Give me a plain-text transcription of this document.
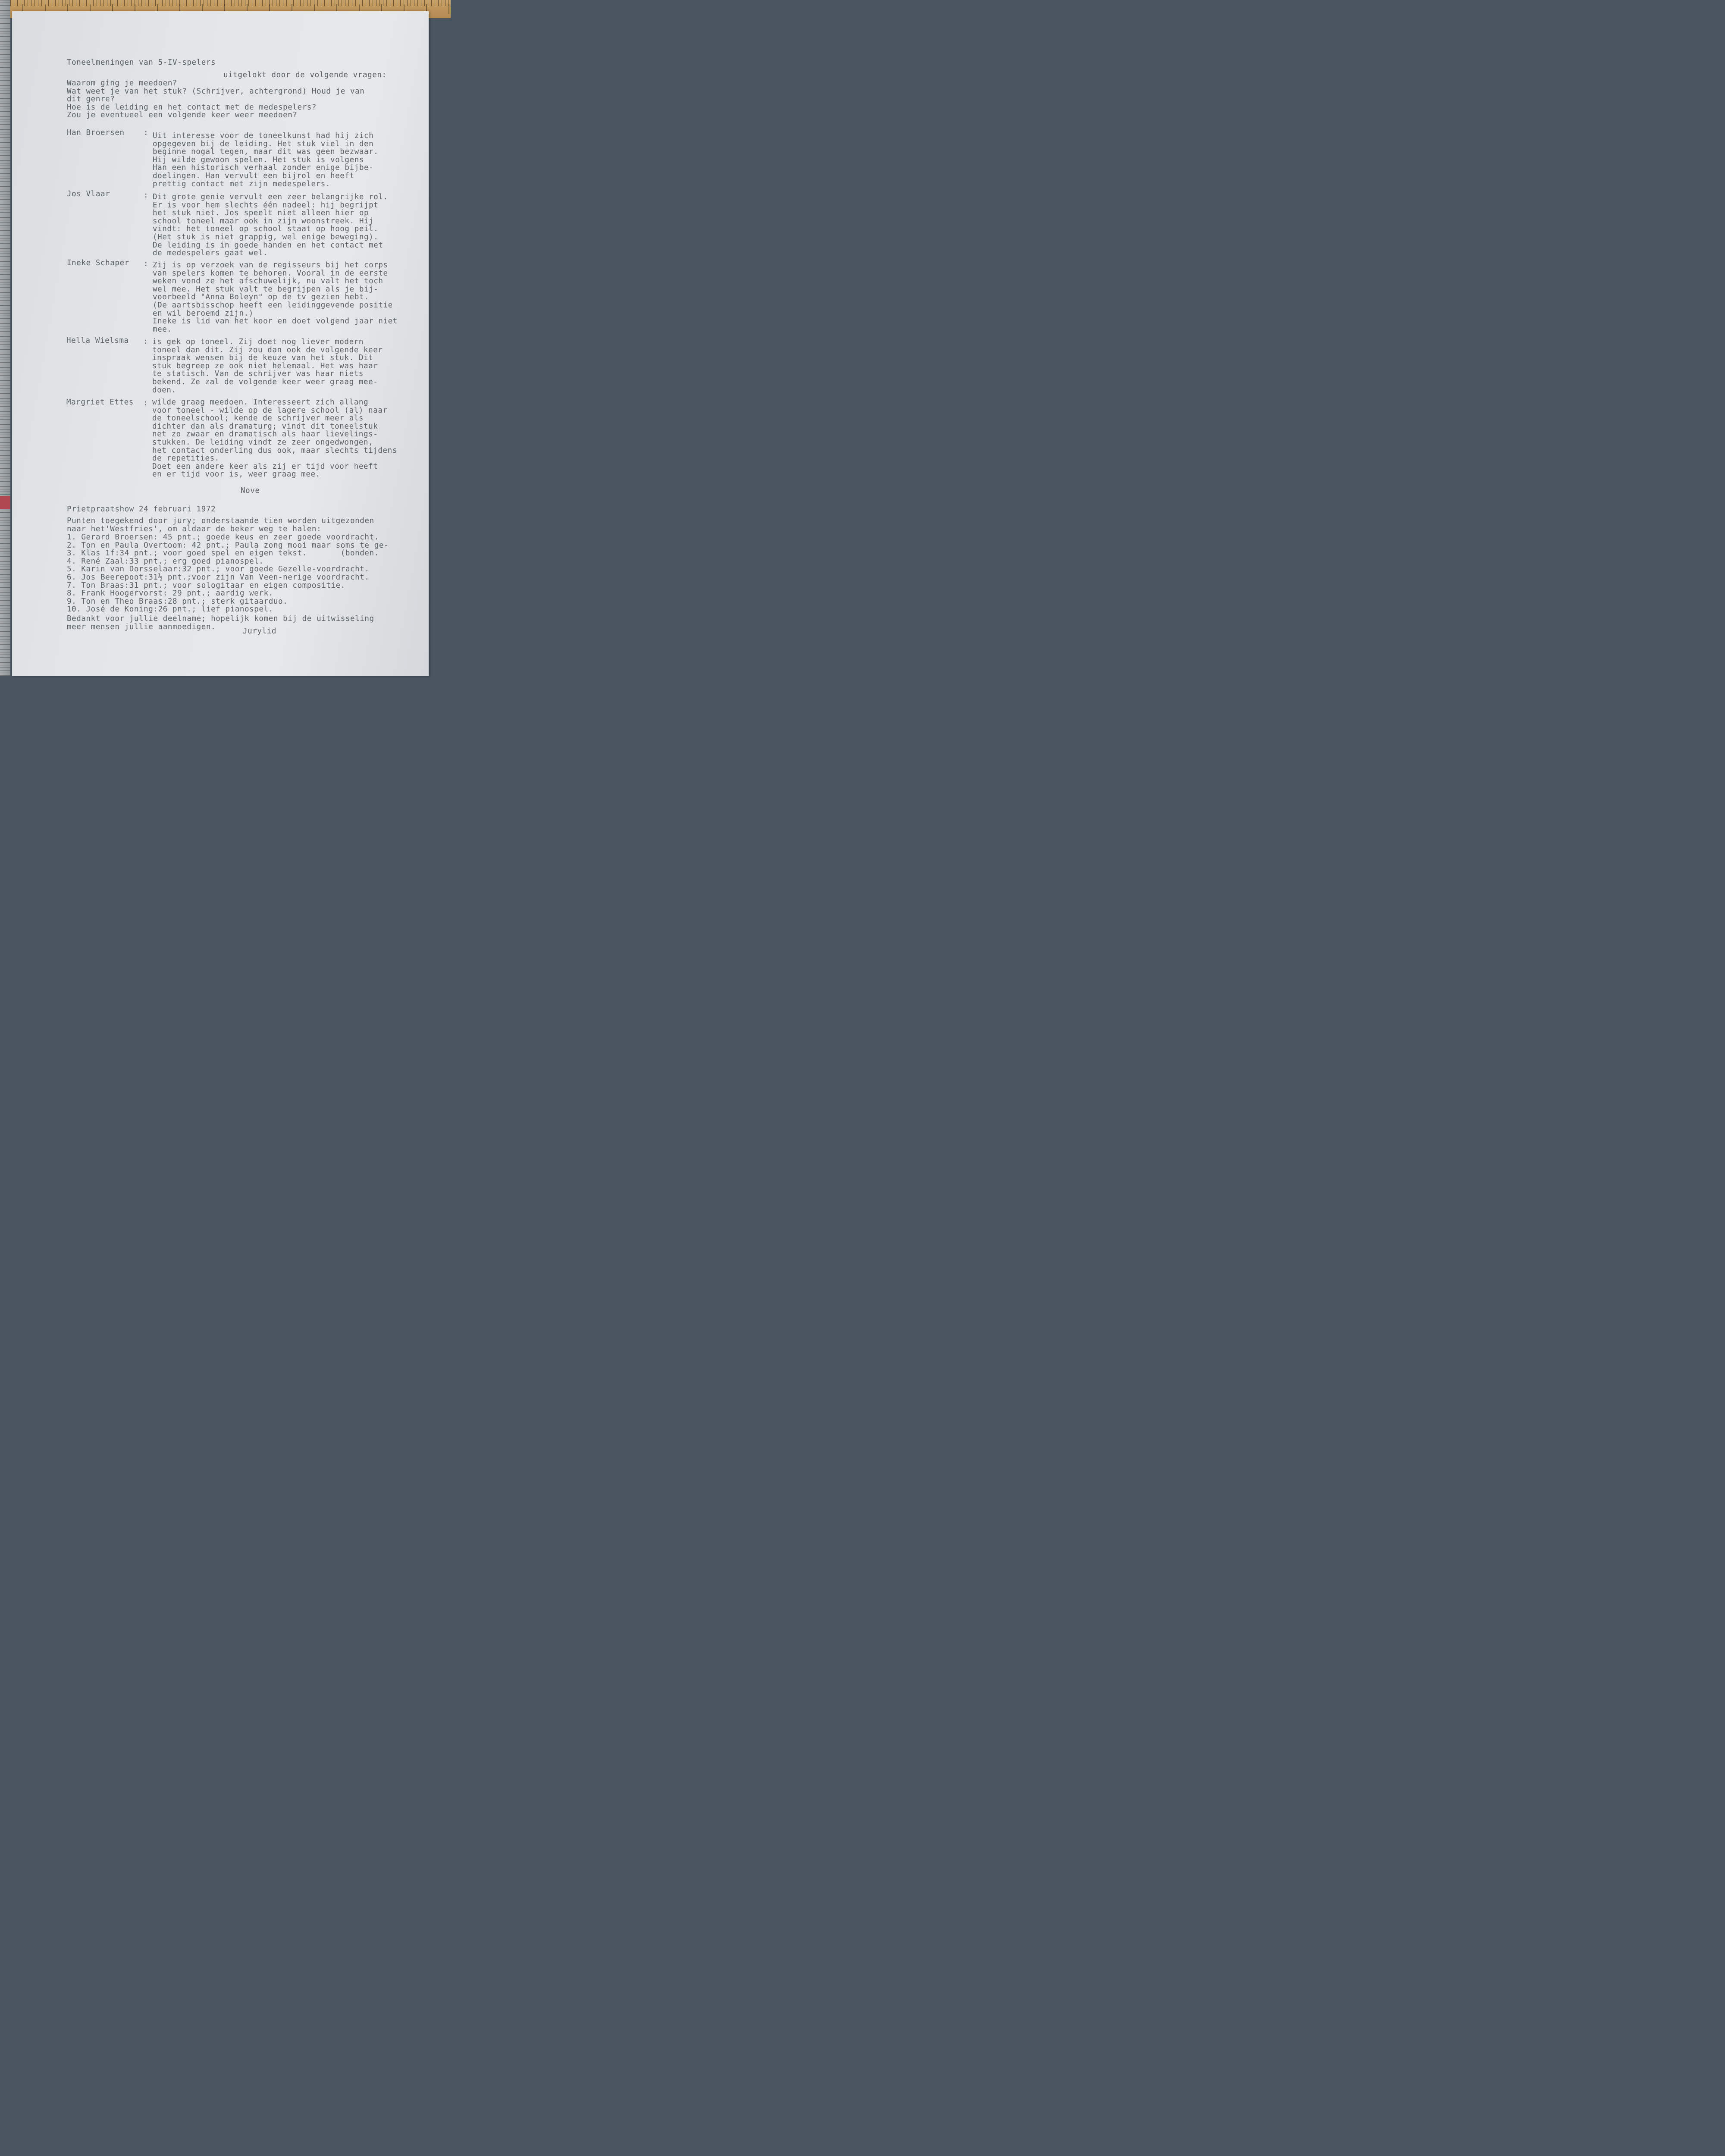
Toneelmeningen van 5-IV-spelers
uitgelokt door de volgende vragen:
Waarom ging je meedoen?
Wat weet je van het stuk? (Schrijver, achtergrond) Houd je van
dit genre?
Hoe is de leiding en het contact met de medespelers?
Zou je eventueel een volgende keer weer meedoen?
Han Broersen	: Uit interesse voor de toneelkunst had hij zich
opgegeven bij de leiding. Het stuk viel in den
beginne nogal tegen, maar dit was geen bezwaar.
Hij wilde gewoon spelen. Het stuk is volgens
Han een historisch verhaal zonder enige bijbe-
doelingen. Han vervult een bijrol en heeft
prettig contact met zijn medespelers.
Jos Vlaar	: Dit grote genie vervult een zeer belangrijke rol.
Er is voor hem slechts één nadeel: hij begrijpt
het stuk niet. Jos speelt niet alleen hier op
school toneel maar ook in zijn woonstreek. Hij
vindt: het toneel op school staat op hoog peil.
(Het stuk is niet grappig, wel enige beweging).
De leiding is in goede handen en het contact met
de medespelers gaat wel.
Ineke Schaper : Zij is op verzoek van de regisseurs bij het corps
van spelers komen te behoren. Vooral in de eerste
weken vond ze het afschuwelijk, nu valt het toch
wel mee. Het stuk valt te begrijpen als je bij-
voorbeeld "Anna Boleyn" op de tv gezien hebt.
(De aartsbisschop heeft een leidinggevende positie
en wil beroemd zijn.)
Ineke is lid van het koor en doet volgend jaar niet
mee.
Hella Wielsma : is gek op toneel. Zij doet nog liever modern
toneel dan dit. Zij zou dan ook de volgende keer
inspraak wensen bij de keuze van het stuk. Dit
stuk begreep ze ook niet helemaal. Het was haar
te statisch. Van de schrijver was haar niets
bekend. Ze zal de volgende keer weer graag mee-
doen.
Margriet Ettes : wilde graag meedoen. Interesseert zich allang
voor toneel - wilde op de lagere school (al) naar
de toneelschool; kende de schrijver meer als
dichter dan als dramaturg; vindt dit toneelstuk
net zo zwaar en dramatisch als haar lievelings-
stukken. De leiding vindt ze zeer ongedwongen,
het contact onderling dus ook, maar slechts tijdens
de repetities.
Doet een andere keer als zij er tijd voor heeft
en er tijd voor is, weer graag mee.
Nove
Prietpraatshow 24 februari 1972
Punten toegekend door jury; onderstaande tien worden uitgezonden
naar het'Westfries', om aldaar de beker weg te halen:
1. Gerard Broersen: 45 pnt.; goede keus en zeer goede voordracht.
2. Ton en Paula Overtoom: 42 pnt.; Paula zong mooi maar soms te ge-
3. Klas 1f:34 pnt.; voor goed spel en eigen tekst.       (bonden.
4. René Zaal:33 pnt.; erg goed pianospel.
5. Karin van Dorsselaar:32 pnt.; voor goede Gezelle-voordracht.
6. Jos Beerepoot:31½ pnt.;voor zijn Van Veen-nerige voordracht.
7. Ton Braas:31 pnt.; voor sologitaar en eigen compositie.
8. Frank Hoogervorst: 29 pnt.; aardig werk.
9. Ton en Theo Braas:28 pnt.; sterk gitaarduo.
10. José de Koning:26 pnt.; lief pianospel.
Bedankt voor jullie deelname; hopelijk komen bij de uitwisseling
meer mensen jullie aanmoedigen.
Jurylid
